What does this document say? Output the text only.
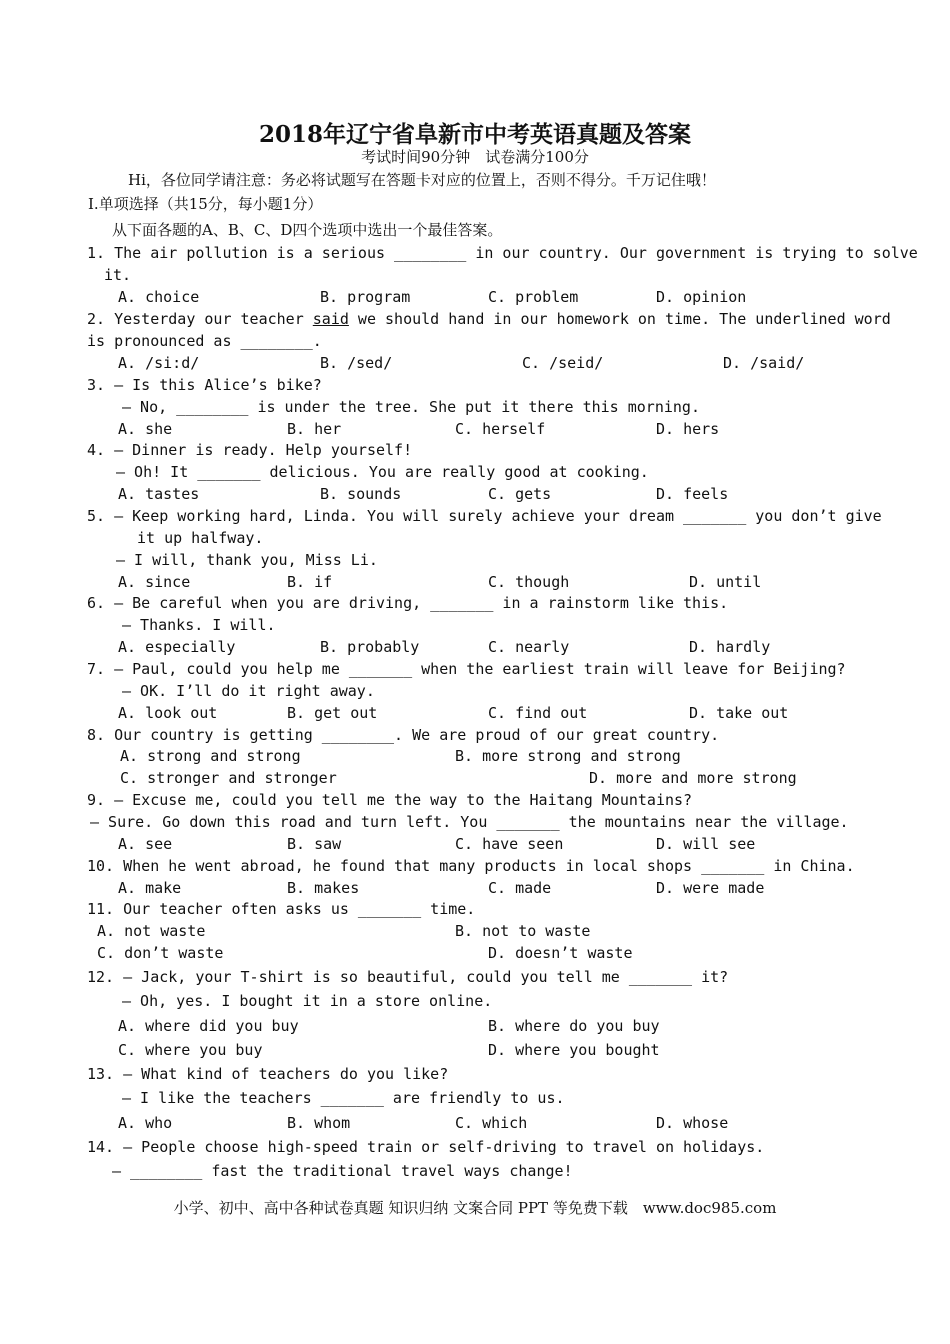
2018年辽宁省阜新市中考英语真题及答案
考试时间90分钟　试卷满分100分
Hi，各位同学请注意：务必将试题写在答题卡对应的位置上，否则不得分。千万记住哦！
Ⅰ.单项选择（共15分，每小题1分）
从下面各题的A、B、C、D四个选项中选出一个最佳答案。
1. The air pollution is a serious ________ in our country. Our government is trying to solve
it.
A. choice	B. program	C. problem	D. opinion
2. Yesterday our teacher said we should hand in our homework on time. The underlined word
is pronounced as ________.
A. /si:d/	B. /sed/	C. /seid/	D. /said/
3. – Is this Alice’s bike?
– No, ________ is under the tree. She put it there this morning.
A. she	B. her	C. herself	D. hers
4. – Dinner is ready. Help yourself!
– Oh! It _______ delicious. You are really good at cooking.
A. tastes	B. sounds	C. gets	D. feels
5. – Keep working hard, Linda. You will surely achieve your dream _______ you don’t give
it up halfway.
– I will, thank you, Miss Li.
A. since	B. if	C. though	D. until
6. – Be careful when you are driving, _______ in a rainstorm like this.
– Thanks. I will.
A. especially	B. probably	C. nearly	D. hardly
7. – Paul, could you help me _______ when the earliest train will leave for Beijing?
– OK. I’ll do it right away.
A. look out	B. get out	C. find out	D. take out
8. Our country is getting ________. We are proud of our great country.
A. strong and strong	B. more strong and strong
C. stronger and stronger	D. more and more strong
9. – Excuse me, could you tell me the way to the Haitang Mountains?
– Sure. Go down this road and turn left. You _______ the mountains near the village.
A. see	B. saw	C. have seen	D. will see
10. When he went abroad, he found that many products in local shops _______ in China.
A. make	B. makes	C. made	D. were made
11. Our teacher often asks us _______ time.
A. not waste	B. not to waste
C. don’t waste	D. doesn’t waste
12. – Jack, your T-shirt is so beautiful, could you tell me _______ it?
– Oh, yes. I bought it in a store online.
A. where did you buy	B. where do you buy
C. where you buy	D. where you bought
13. – What kind of teachers do you like?
– I like the teachers _______ are friendly to us.
A. who	B. whom	C. which	D. whose
14. – People choose high-speed train or self-driving to travel on holidays.
– ________ fast the traditional travel ways change!
小学、初中、高中各种试卷真题 知识归纳 文案合同 PPT 等免费下载　www.doc985.com
